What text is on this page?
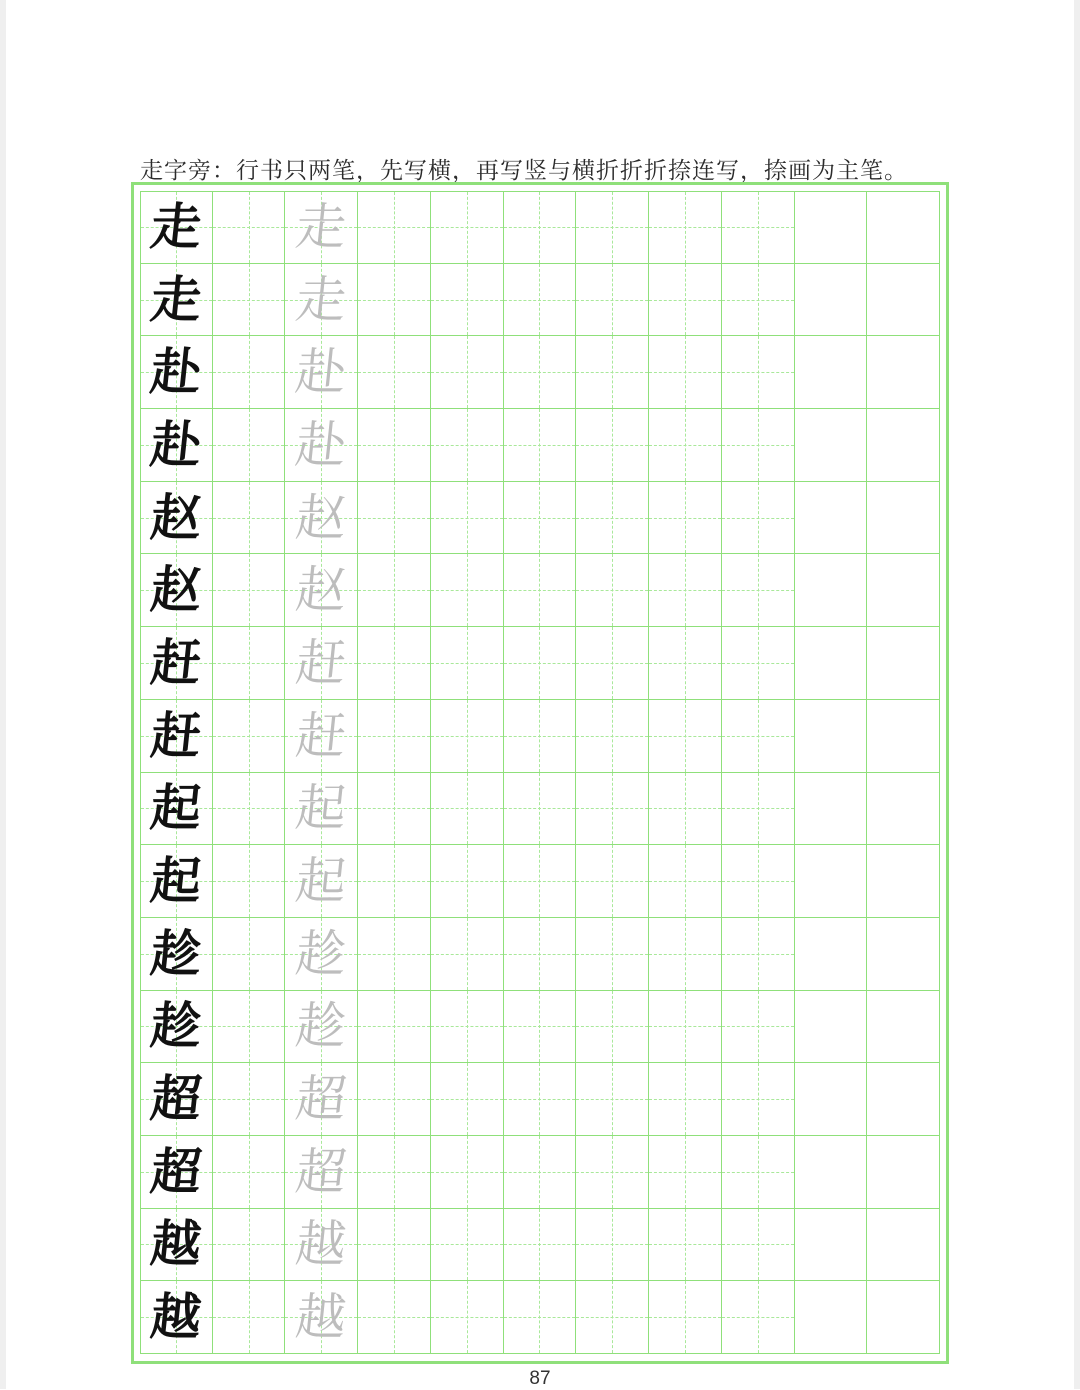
走字旁：行书只两笔，先写横，再写竖与横折折折捺连写，捺画为主笔。
走 走
走 走
赴 赴
赴 赴
赵 赵
赵 赵
赶 赶
赶 赶
起 起
起 起
趁 趁
趁 趁
超 超
超 超
越 越
越 越
87
